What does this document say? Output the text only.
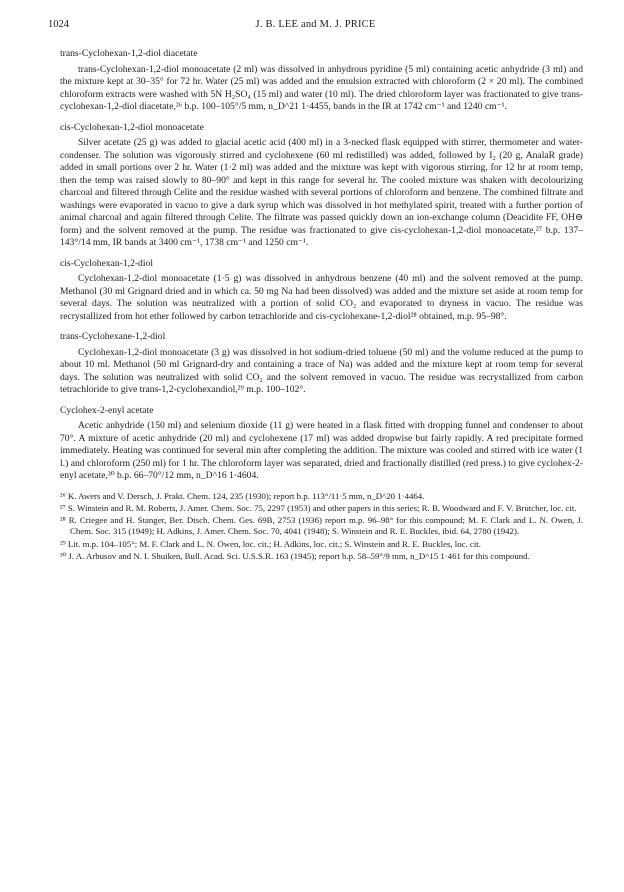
1024	J. B. LEE and M. J. PRICE
trans-Cyclohexan-1,2-diol diacetate

trans-Cyclohexan-1,2-diol monoacetate (2 ml) was dissolved in anhydrous pyridine (5 ml) containing acetic anhydride (3 ml) and the mixture kept at 30–35° for 72 hr. Water (25 ml) was added and the emulsion extracted with chloroform (2 × 20 ml). The combined chloroform extracts were washed with 5N H₂SO₄ (15 ml) and water (10 ml). The dried chloroform layer was fractionated to give trans-cyclohexan-1,2-diol diacetate,²⁶ b.p. 100–105°/5 mm, n_D^21 1·4455, bands in the IR at 1742 cm⁻¹ and 1240 cm⁻¹.

cis-Cyclohexan-1,2-diol monoacetate

Silver acetate (25 g) was added to glacial acetic acid (400 ml) in a 3-necked flask equipped with stirrer, thermometer and water-condenser. The solution was vigorously stirred and cyclohexene (60 ml redistilled) was added, followed by I₂ (20 g, AnalaR grade) added in small portions over 2 hr. Water (1·2 ml) was added and the mixture was kept with vigorous stirring, for 12 hr at room temp, then the temp was raised slowly to 80–90° and kept in this range for several hr. The cooled mixture was shaken with decolourizing charcoal and filtered through Celite and the residue washed with several portions of chloroform and benzene. The combined filtrate and washings were evaporated in vacuo to give a dark syrup which was dissolved in hot methylated spirit, treated with a further portion of animal charcoal and again filtered through Celite. The filtrate was passed quickly down an ion-exchange column (Deacidite FF, OH⊖ form) and the solvent removed at the pump. The residue was fractionated to give cis-cyclohexan-1,2-diol monoacetate,²⁷ b.p. 137–143°/14 mm, IR bands at 3400 cm⁻¹, 1738 cm⁻¹ and 1250 cm⁻¹.

cis-Cyclohexan-1,2-diol

Cyclohexan-1,2-diol monoacetate (1·5 g) was dissolved in anhydrous benzene (40 ml) and the solvent removed at the pump. Methanol (30 ml Grignard dried and in which ca. 50 mg Na had been dissolved) was added and the mixture set aside at room temp for several days. The solution was neutralized with a portion of solid CO₂ and evaporated to dryness in vacuo. The residue was recrystallized from hot ether followed by carbon tetrachloride and cis-cyclohexane-1,2-diol²⁸ obtained, m.p. 95–98°.

trans-Cyclohexane-1,2-diol

Cyclohexan-1,2-diol monoacetate (3 g) was dissolved in hot sodium-dried toluene (50 ml) and the volume reduced at the pump to about 10 ml. Methanol (50 ml Grignard-dry and containing a trace of Na) was added and the mixture kept at room temp for several days. The solution was neutralized with solid CO₂ and the solvent removed in vacuo. The residue was recrystallized from carbon tetrachloride to give trans-1,2-cyclohexandiol,²⁹ m.p. 100–102°.

Cyclohex-2-enyl acetate

Acetic anhydride (150 ml) and selenium dioxide (11 g) were heated in a flask fitted with dropping funnel and condenser to about 70°. A mixture of acetic anhydride (20 ml) and cyclohexene (17 ml) was added dropwise but fairly rapidly. A red precipitate formed immediately. Heating was continued for several min after completing the addition. The mixture was cooled and stirred with ice water (1 l.) and chloroform (250 ml) for 1 hr. The chloroform layer was separated, dried and fractionally distilled (red press.) to give cyclohex-2-enyl acetate,³⁰ b.p. 66–70°/12 mm, n_D^16 1·4604.

²⁶ K. Awers and V. Dersch, J. Prakt. Chem. 124, 235 (1930); report b.p. 113°/11·5 mm, n_D^20 1·4464.

²⁷ S. Winstein and R. M. Roberts, J. Amer. Chem. Soc. 75, 2297 (1953) and other papers in this series; R. B. Woodward and F. V. Brutcher, loc. cit.

²⁸ R. Criegee and H. Stanger, Ber. Dtsch. Chem. Ges. 69B, 2753 (1936) report m.p. 96–98° for this compound; M. F. Clark and L. N. Owen, J. Chem. Soc. 315 (1949); H. Adkins, J. Amer. Chem. Soc. 70, 4041 (1948); S. Winstein and R. E. Buckles, ibid. 64, 2780 (1942).

²⁹ Lit. m.p. 104–105°; M. F. Clark and L. N. Owen, loc. cit.; H. Adkins, loc. cit.; S. Winstein and R. E. Buckles, loc. cit.

³⁰ J. A. Arbusov and N. I. Shuiken, Bull. Acad. Sci. U.S.S.R. 163 (1945); report b.p. 58–59°/9 mm, n_D^15 1·461 for this compound.
